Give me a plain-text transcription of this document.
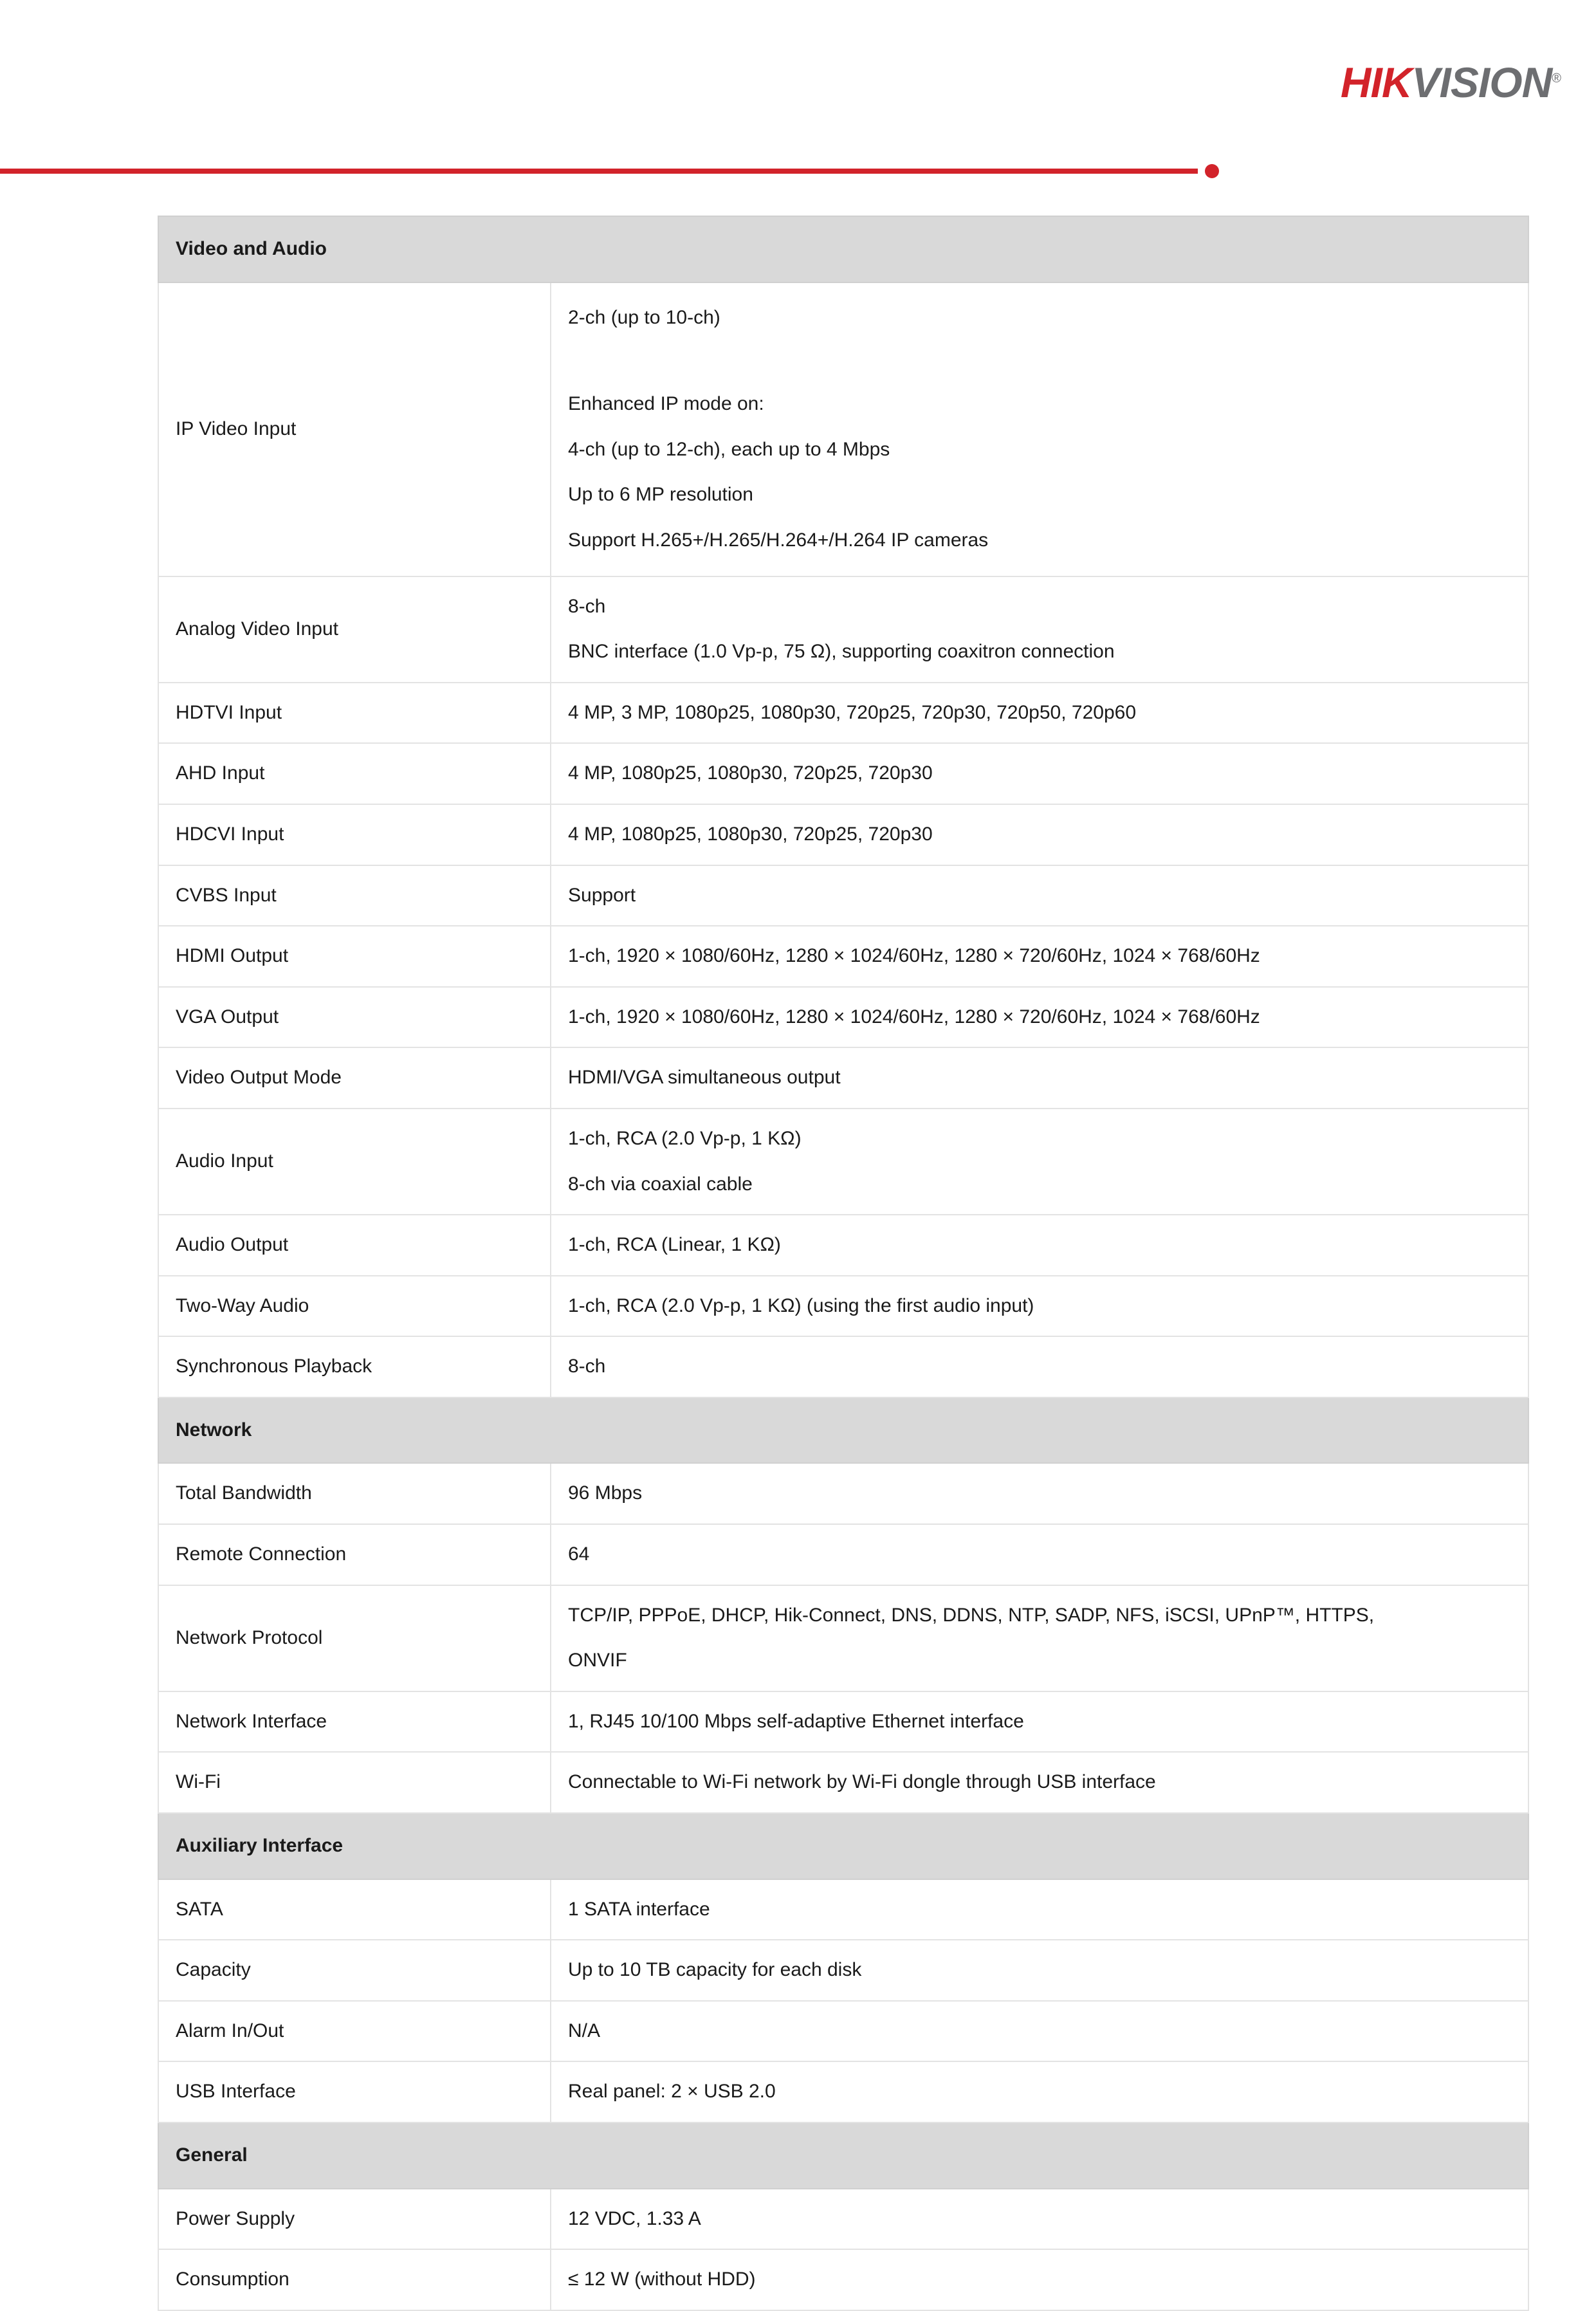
HIKVISION®
Video and Audio	
IP Video Input	2-ch (up to 10-ch)
Enhanced IP mode on:
4-ch (up to 12-ch), each up to 4 Mbps
Up to 6 MP resolution
Support H.265+/H.265/H.264+/H.264 IP cameras

Analog Video Input	8-ch
BNC interface (1.0 Vp-p, 75 Ω), supporting coaxitron connection

HDTVI Input	4 MP, 3 MP, 1080p25, 1080p30, 720p25, 720p30, 720p50, 720p60

AHD Input	4 MP, 1080p25, 1080p30, 720p25, 720p30

HDCVI Input	4 MP, 1080p25, 1080p30, 720p25, 720p30

CVBS Input	Support

HDMI Output	1-ch, 1920 × 1080/60Hz, 1280 × 1024/60Hz, 1280 × 720/60Hz, 1024 × 768/60Hz

VGA Output	1-ch, 1920 × 1080/60Hz, 1280 × 1024/60Hz, 1280 × 720/60Hz, 1024 × 768/60Hz

Video Output Mode	HDMI/VGA simultaneous output

Audio Input	1-ch, RCA (2.0 Vp-p, 1 KΩ)
8-ch via coaxial cable

Audio Output	1-ch, RCA (Linear, 1 KΩ)

Two-Way Audio	1-ch, RCA (2.0 Vp-p, 1 KΩ) (using the first audio input)

Synchronous Playback	8-ch

Network	
Total Bandwidth	96 Mbps

Remote Connection	64

Network Protocol	TCP/IP, PPPoE, DHCP, Hik-Connect, DNS, DDNS, NTP, SADP, NFS, iSCSI, UPnP™, HTTPS,
ONVIF

Network Interface	1, RJ45 10/100 Mbps self-adaptive Ethernet interface

Wi-Fi	Connectable to Wi-Fi network by Wi-Fi dongle through USB interface

Auxiliary Interface	
SATA	1 SATA interface

Capacity	Up to 10 TB capacity for each disk

Alarm In/Out	N/A

USB Interface	Real panel: 2 × USB 2.0

General	
Power Supply	12 VDC, 1.33 A

Consumption	≤ 12 W (without HDD)
